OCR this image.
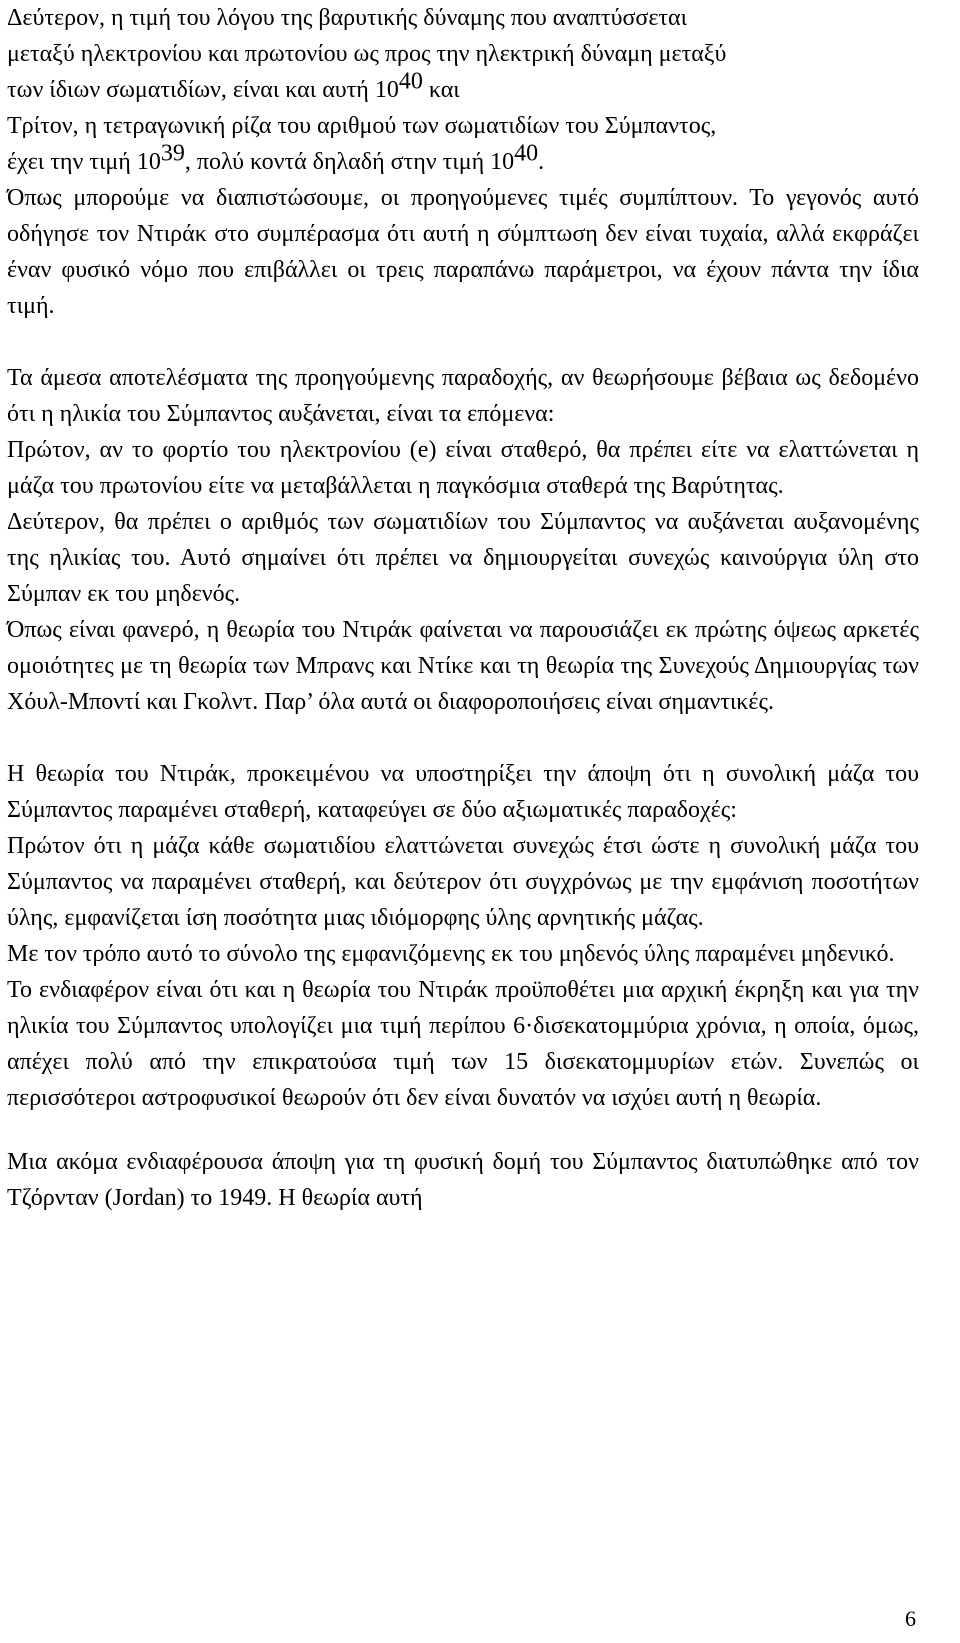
Δεύτερον, η τιμή του λόγου της βαρυτικής δύναμης που αναπτύσσεται
μεταξύ ηλεκτρονίου και πρωτονίου ως προς την ηλεκτρική δύναμη μεταξύ
των ίδιων σωματιδίων, είναι και αυτή $10^{40}$ και

Τρίτον, η τετραγωνική ρίζα του αριθμού των σωματιδίων του Σύμπαντος,
έχει την τιμή $10^{39}$, πολύ κοντά δηλαδή στην τιμή $10^{40}$.

Όπως μπορούμε να διαπιστώσουμε, οι προηγούμενες τιμές συμπίπτουν. Το γεγονός αυτό οδήγησε τον Ντιράκ στο συμπέρασμα ότι αυτή η σύμπτωση δεν είναι τυχαία, αλλά εκφράζει έναν φυσικό νόμο που επιβάλλει οι τρεις παραπάνω παράμετροι, να έχουν πάντα την ίδια τιμή.

Τα άμεσα αποτελέσματα της προηγούμενης παραδοχής, αν θεωρήσουμε βέβαια ως δεδομένο ότι η ηλικία του Σύμπαντος αυξάνεται, είναι τα επόμενα:

Πρώτον, αν το φορτίο του ηλεκτρονίου (e) είναι σταθερό, θα πρέπει είτε να ελαττώνεται η μάζα του πρωτονίου είτε να μεταβάλλεται η παγκόσμια σταθερά της Βαρύτητας.

Δεύτερον, θα πρέπει ο αριθμός των σωματιδίων του Σύμπαντος να αυξάνεται αυξανομένης της ηλικίας του. Αυτό σημαίνει ότι πρέπει να δημιουργείται συνεχώς καινούργια ύλη στο Σύμπαν εκ του μηδενός.

Όπως είναι φανερό, η θεωρία του Ντιράκ φαίνεται να παρουσιάζει εκ πρώτης όψεως αρκετές ομοιότητες με τη θεωρία των Μπρανς και Ντίκε και τη θεωρία της Συνεχούς Δημιουργίας των Χόυλ-Μποντί και Γκολντ. Παρ’ όλα αυτά οι διαφοροποιήσεις είναι σημαντικές.

Η θεωρία του Ντιράκ, προκειμένου να υποστηρίξει την άποψη ότι η συνολική μάζα του Σύμπαντος παραμένει σταθερή, καταφεύγει σε δύο αξιωματικές παραδοχές:

Πρώτον ότι η μάζα κάθε σωματιδίου ελαττώνεται συνεχώς έτσι ώστε η συνολική μάζα του Σύμπαντος να παραμένει σταθερή, και δεύτερον ότι συγχρόνως με την εμφάνιση ποσοτήτων ύλης, εμφανίζεται ίση ποσότητα μιας ιδιόμορφης ύλης αρνητικής μάζας.

Με τον τρόπο αυτό το σύνολο της εμφανιζόμενης εκ του μηδενός ύλης παραμένει μηδενικό.

Το ενδιαφέρον είναι ότι και η θεωρία του Ντιράκ προϋποθέτει μια αρχική έκρηξη και για την ηλικία του Σύμπαντος υπολογίζει μια τιμή περίπου 6·δισεκατομμύρια χρόνια, η οποία, όμως, απέχει πολύ από την επικρατούσα τιμή των 15 δισεκατομμυρίων ετών. Συνεπώς οι περισσότεροι αστροφυσικοί θεωρούν ότι δεν είναι δυνατόν να ισχύει αυτή η θεωρία.

Μια ακόμα ενδιαφέρουσα άποψη για τη φυσική δομή του Σύμπαντος διατυπώθηκε από τον Τζόρνταν (Jordan) το 1949. Η θεωρία αυτή

6
